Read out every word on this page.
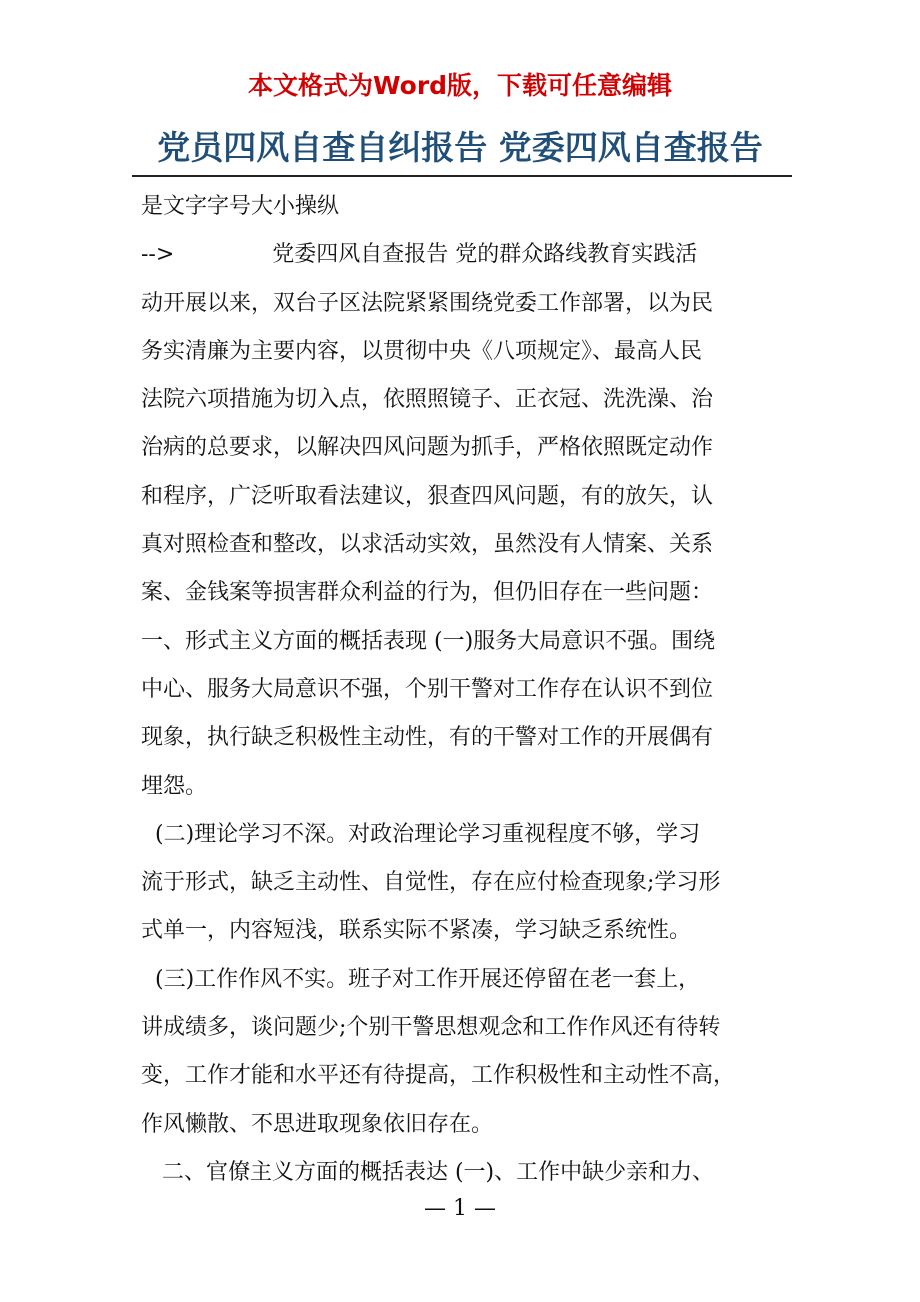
本文格式为Word版，下载可任意编辑
党员四风自查自纠报告 党委四风自查报告
是文字字号大小操纵
-->              党委四风自查报告 党的群众路线教育实践活
动开展以来，双台子区法院紧紧围绕党委工作部署，以为民
务实清廉为主要内容，以贯彻中央《八项规定》、最高人民
法院六项措施为切入点，依照照镜子、正衣冠、洗洗澡、治
治病的总要求，以解决四风问题为抓手，严格依照既定动作
和程序，广泛听取看法建议，狠查四风问题，有的放矢，认
真对照检查和整改，以求活动实效，虽然没有人情案、关系
案、金钱案等损害群众利益的行为，但仍旧存在一些问题：
一、形式主义方面的概括表现 (一)服务大局意识不强。围绕
中心、服务大局意识不强，个别干警对工作存在认识不到位
现象，执行缺乏积极性主动性，有的干警对工作的开展偶有
埋怨。
(二)理论学习不深。对政治理论学习重视程度不够，学习
流于形式，缺乏主动性、自觉性，存在应付检查现象;学习形
式单一，内容短浅，联系实际不紧凑，学习缺乏系统性。
(三)工作作风不实。班子对工作开展还停留在老一套上，
讲成绩多，谈问题少;个别干警思想观念和工作作风还有待转
变，工作才能和水平还有待提高，工作积极性和主动性不高，
作风懒散、不思进取现象依旧存在。
二、官僚主义方面的概括表达 (一)、工作中缺少亲和力、
— 1 —
